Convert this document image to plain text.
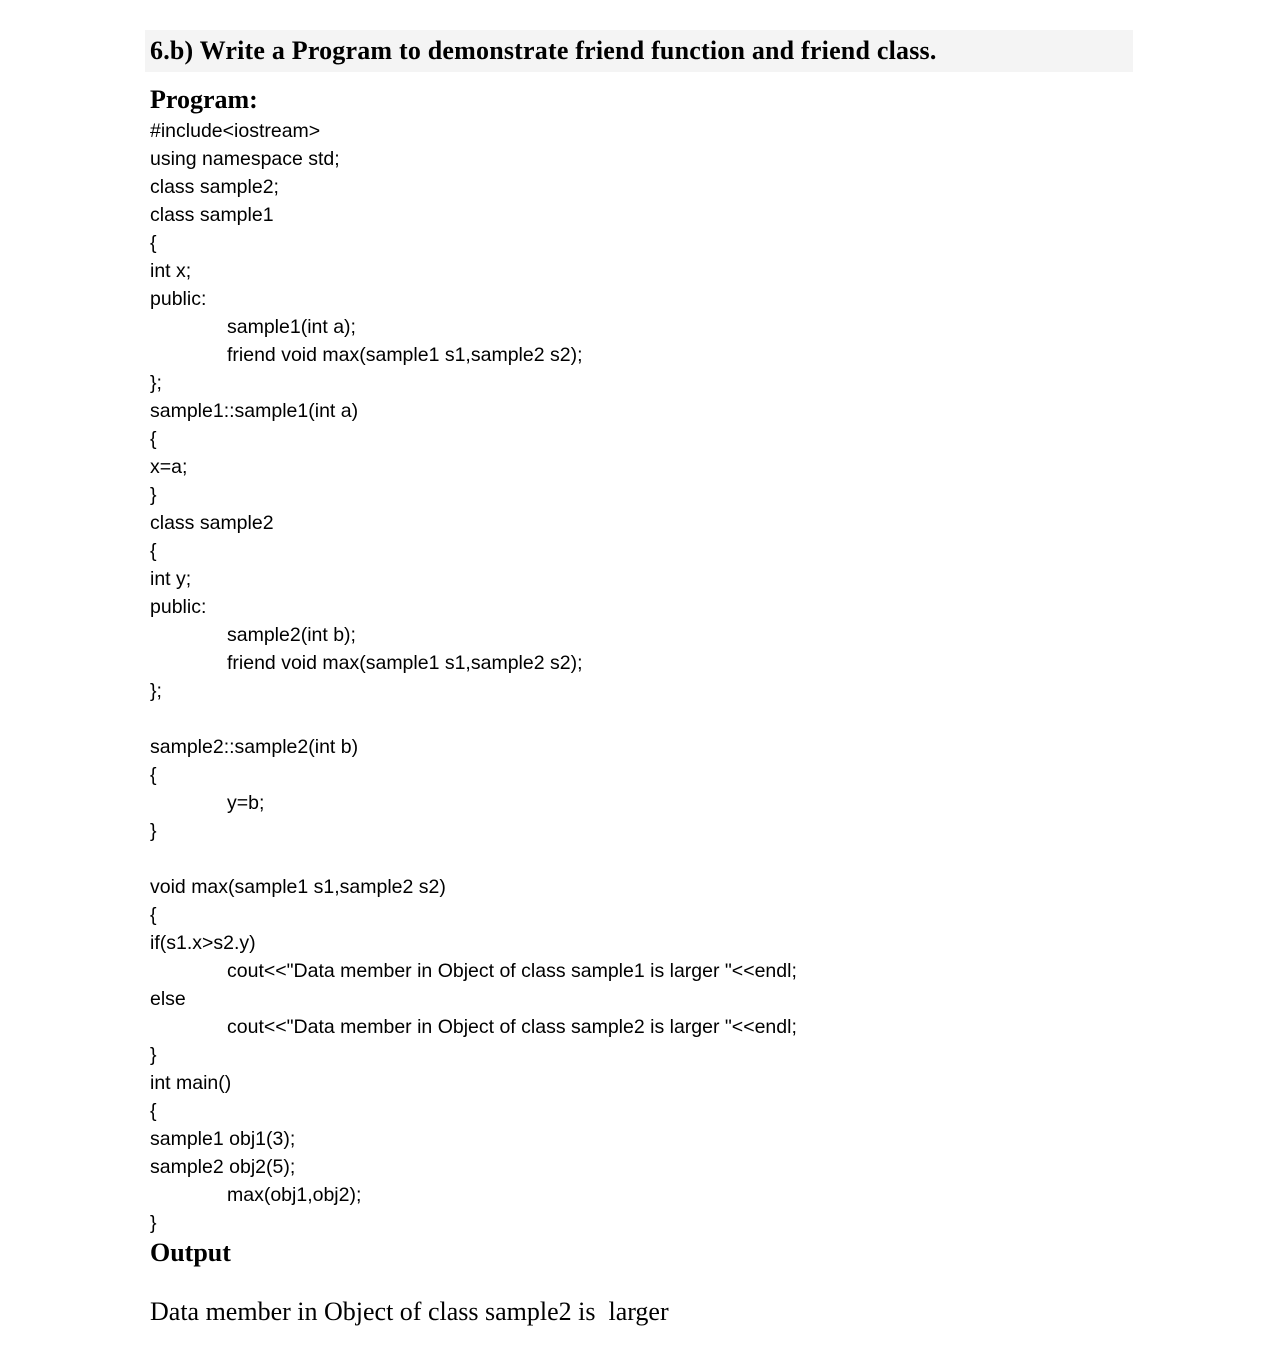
6.b) Write a Program to demonstrate friend function and friend class.
Program:
#include<iostream>
using namespace std;
class sample2;
class sample1
{
int x;
public:
sample1(int a);
friend void max(sample1 s1,sample2 s2);
};
sample1::sample1(int a)
{
x=a;
}
class sample2
{
int y;
public:
sample2(int b);
friend void max(sample1 s1,sample2 s2);
};

sample2::sample2(int b)
{
y=b;
}

void max(sample1 s1,sample2 s2)
{
if(s1.x>s2.y)
cout<<"Data member in Object of class sample1 is larger "<<endl;
else
cout<<"Data member in Object of class sample2 is larger "<<endl;
}
int main()
{
sample1 obj1(3);
sample2 obj2(5);
max(obj1,obj2);
}
Output
Data member in Object of class sample2 is  larger
